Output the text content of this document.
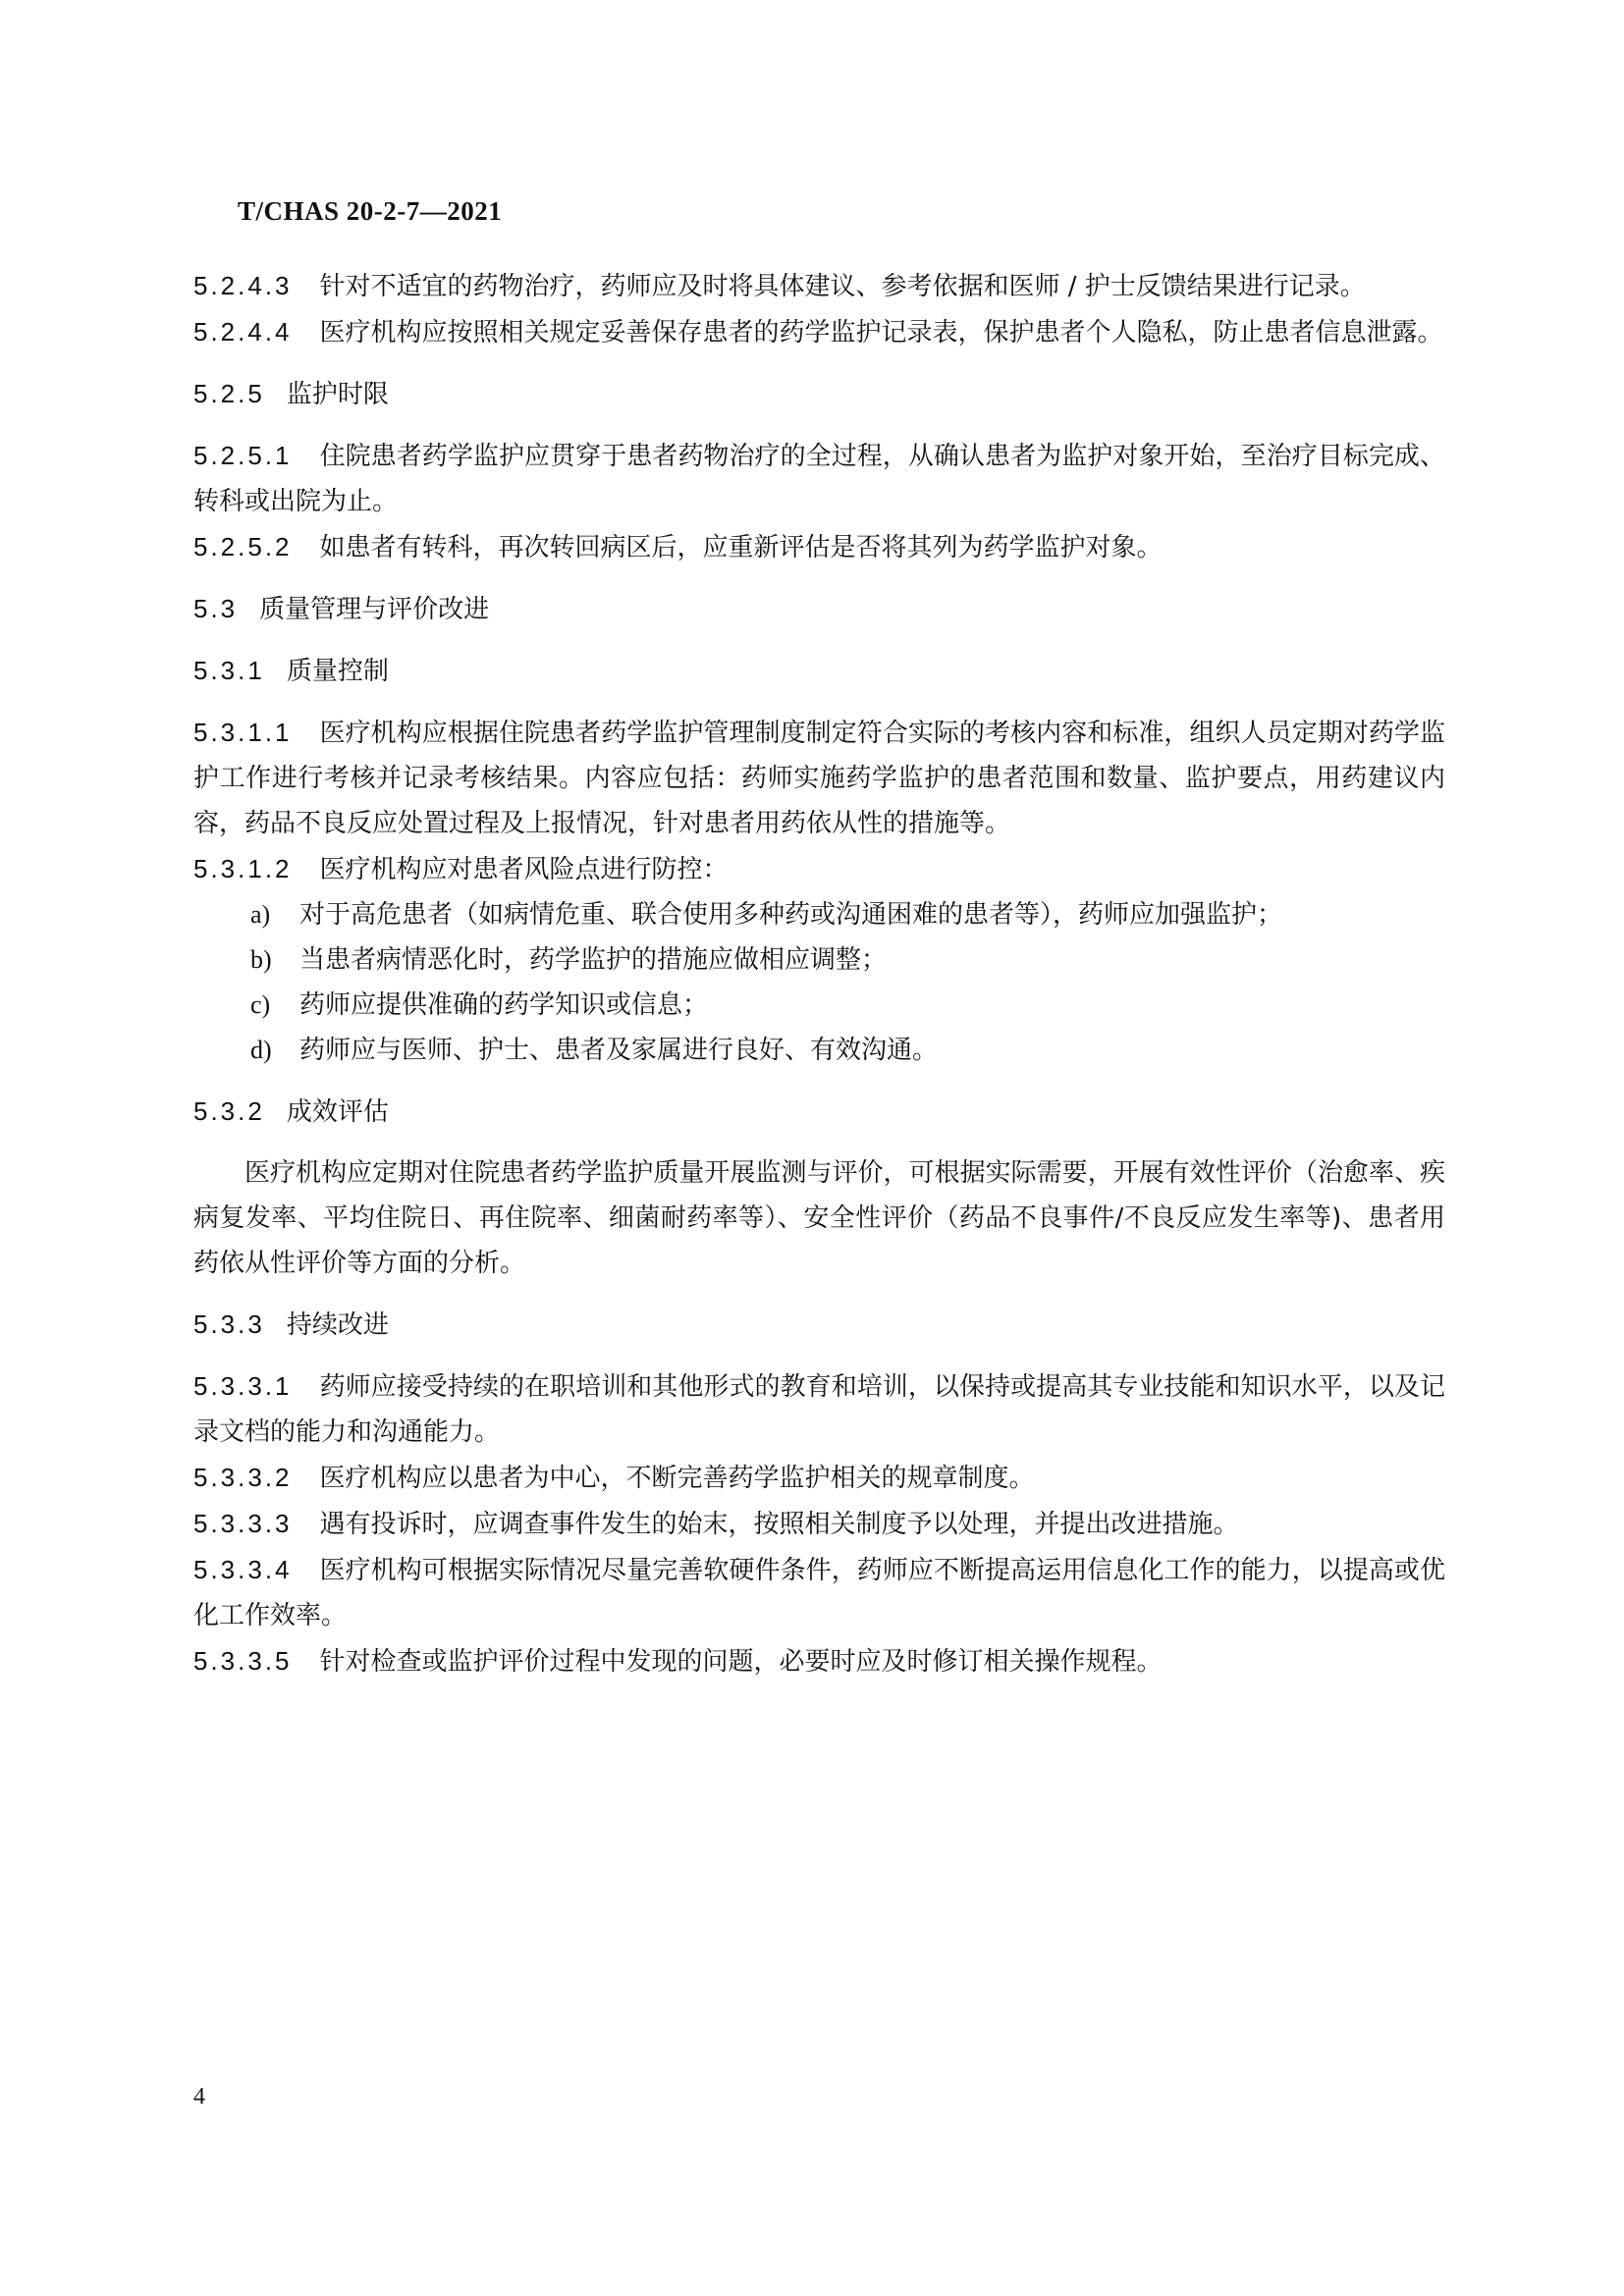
T/CHAS 20-2-7—2021

5.2.4.3 针对不适宜的药物治疗，药师应及时将具体建议、参考依据和医师 / 护士反馈结果进行记录。

5.2.4.4 医疗机构应按照相关规定妥善保存患者的药学监护记录表，保护患者个人隐私，防止患者信息泄露。

5.2.5 监护时限

5.2.5.1 住院患者药学监护应贯穿于患者药物治疗的全过程，从确认患者为监护对象开始，至治疗目标完成、转科或出院为止。

5.2.5.2 如患者有转科，再次转回病区后，应重新评估是否将其列为药学监护对象。

5.3 质量管理与评价改进

5.3.1 质量控制

5.3.1.1 医疗机构应根据住院患者药学监护管理制度制定符合实际的考核内容和标准，组织人员定期对药学监护工作进行考核并记录考核结果。内容应包括：药师实施药学监护的患者范围和数量、监护要点，用药建议内容，药品不良反应处置过程及上报情况，针对患者用药依从性的措施等。

5.3.1.2 医疗机构应对患者风险点进行防控：

a) 对于高危患者（如病情危重、联合使用多种药或沟通困难的患者等），药师应加强监护；

b) 当患者病情恶化时，药学监护的措施应做相应调整；

c) 药师应提供准确的药学知识或信息；

d) 药师应与医师、护士、患者及家属进行良好、有效沟通。

5.3.2 成效评估

医疗机构应定期对住院患者药学监护质量开展监测与评价，可根据实际需要，开展有效性评价（治愈率、疾病复发率、平均住院日、再住院率、细菌耐药率等）、安全性评价（药品不良事件/不良反应发生率等)、患者用药依从性评价等方面的分析。

5.3.3 持续改进

5.3.3.1 药师应接受持续的在职培训和其他形式的教育和培训，以保持或提高其专业技能和知识水平，以及记录文档的能力和沟通能力。

5.3.3.2 医疗机构应以患者为中心，不断完善药学监护相关的规章制度。

5.3.3.3 遇有投诉时，应调查事件发生的始末，按照相关制度予以处理，并提出改进措施。

5.3.3.4 医疗机构可根据实际情况尽量完善软硬件条件，药师应不断提高运用信息化工作的能力，以提高或优化工作效率。

5.3.3.5 针对检查或监护评价过程中发现的问题，必要时应及时修订相关操作规程。

4
